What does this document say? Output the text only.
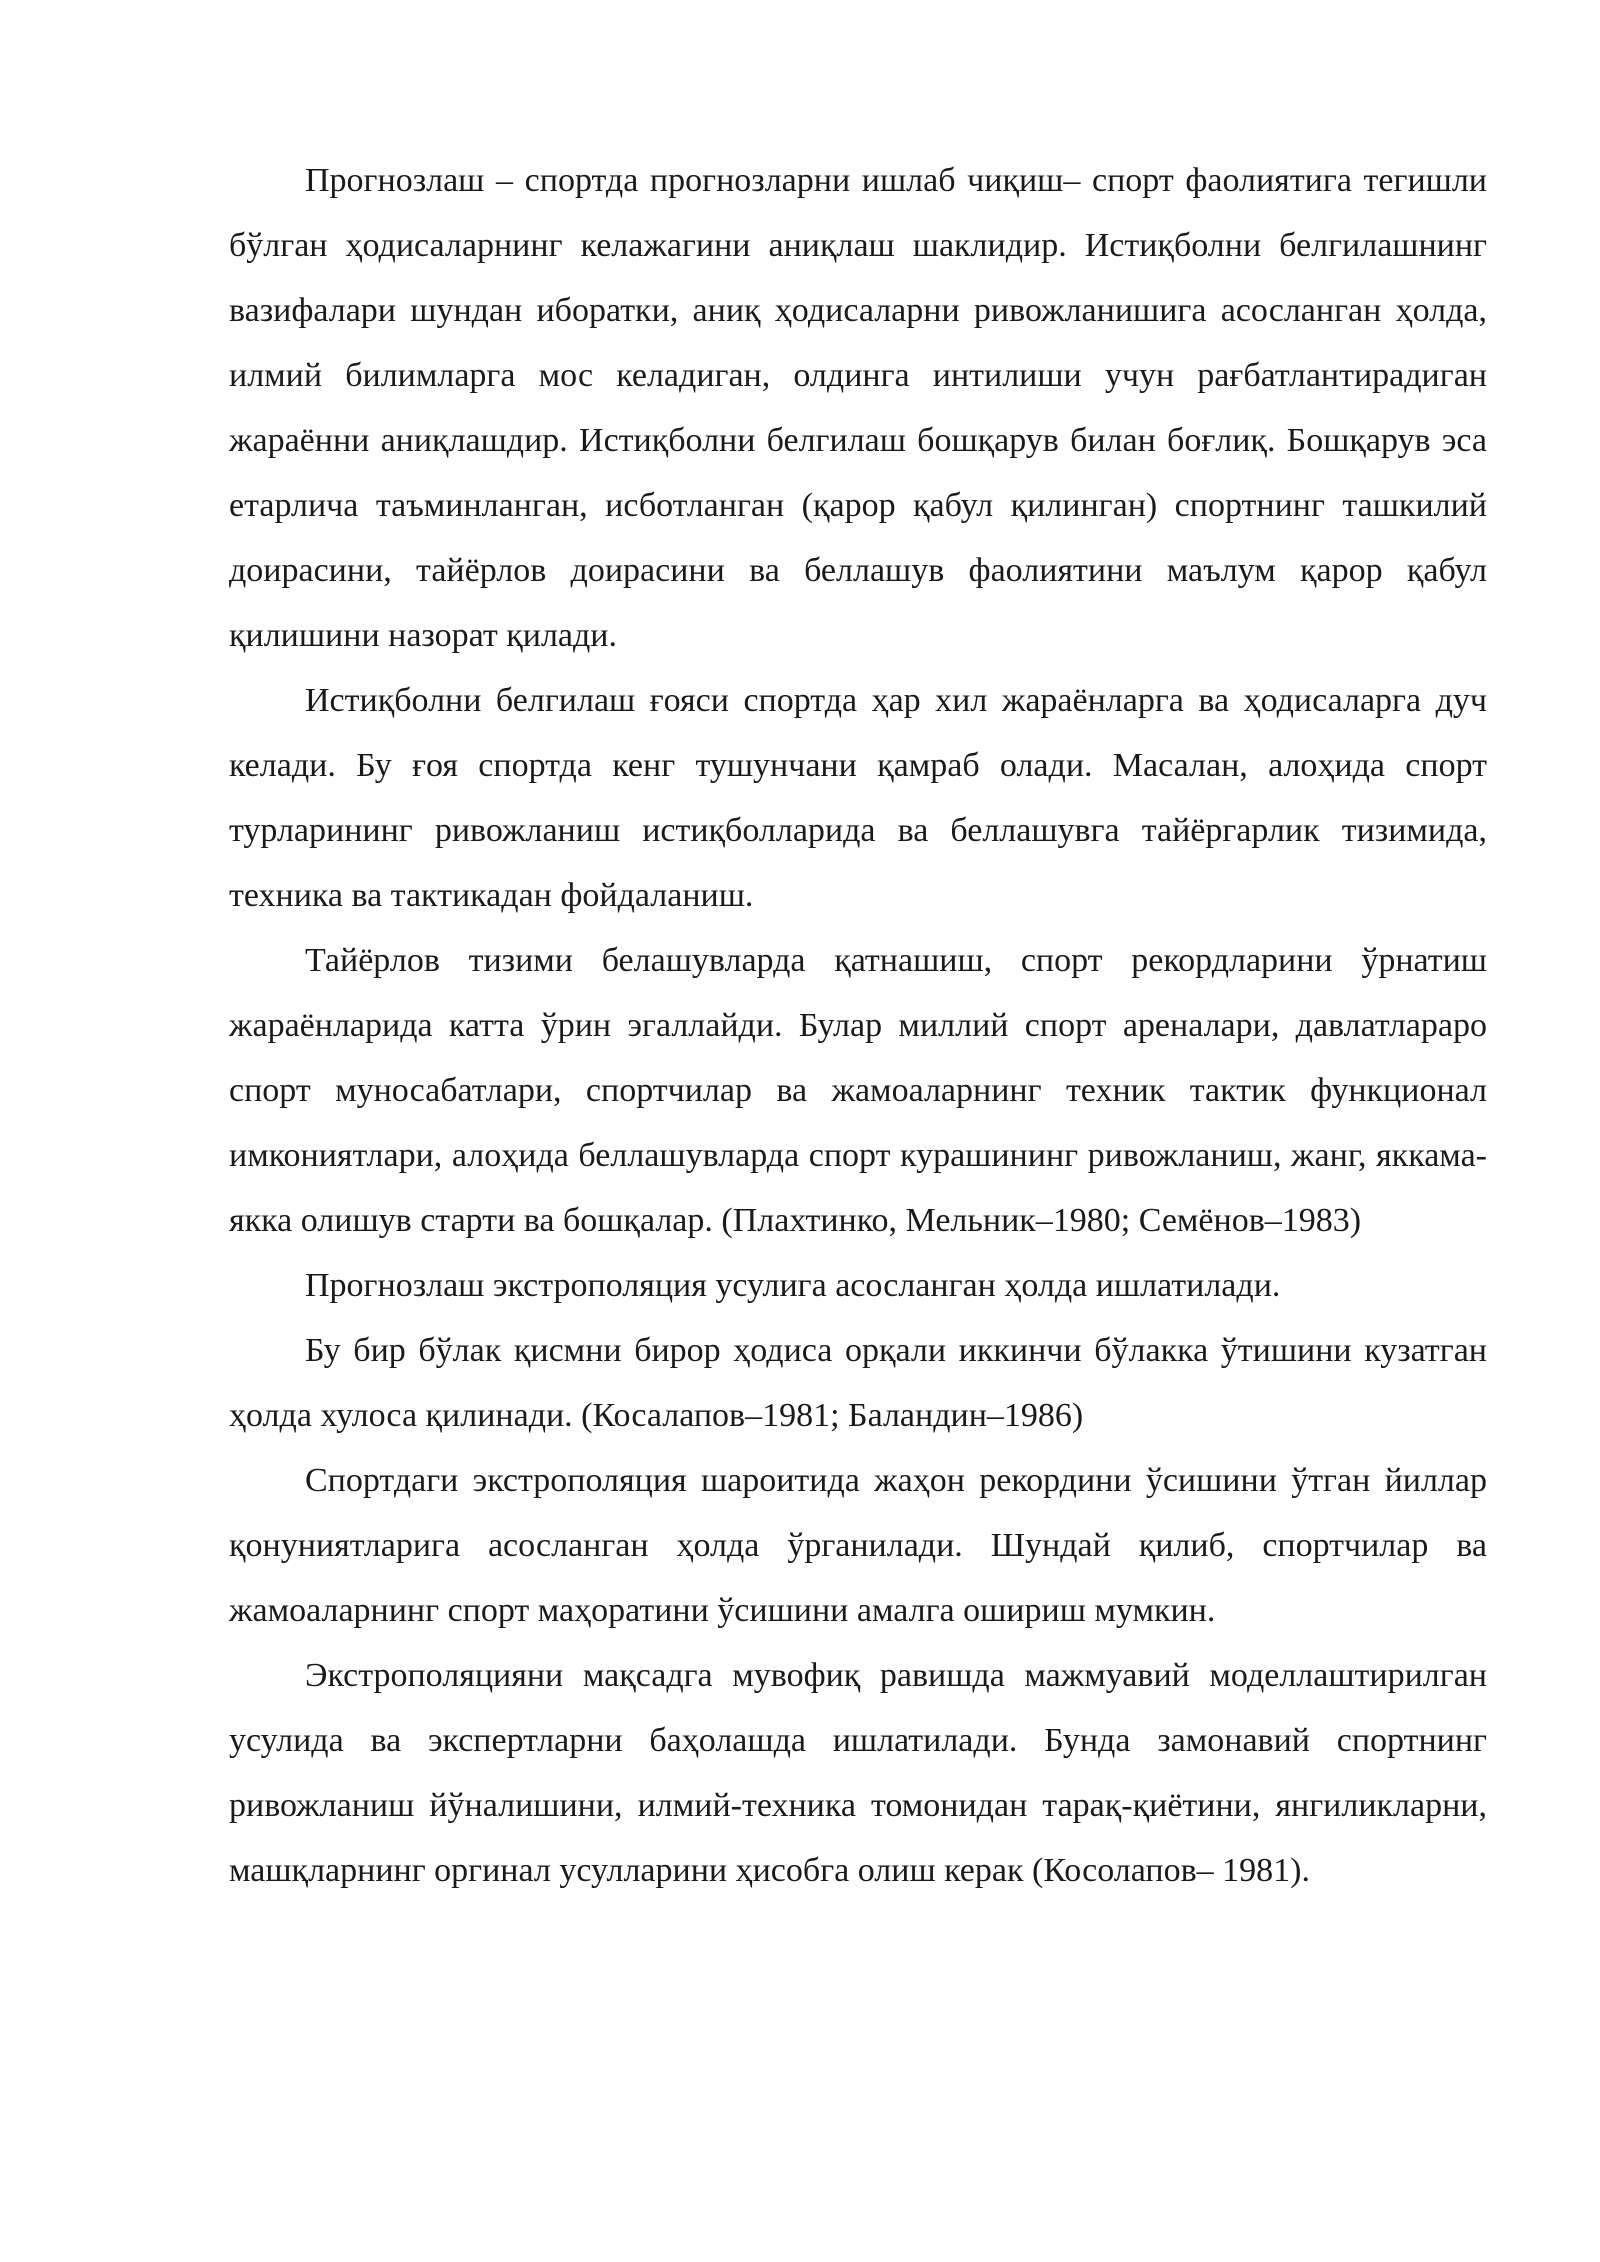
Прогнозлаш – спортда прогнозларни ишлаб чиқиш– спорт фаолиятига тегишли бўлган ҳодисаларнинг келажагини аниқлаш шаклидир. Истиқболни белгилашнинг вазифалари шундан иборатки, аниқ ҳодисаларни ривожланишига асосланган ҳолда, илмий билимларга мос келадиган, олдинга интилиши учун рағбатлантирадиган жараённи аниқлашдир. Истиқболни белгилаш бошқарув билан боғлиқ. Бошқарув эса етарлича таъминланган, исботланган (қарор қабул қилинган) спортнинг ташкилий доирасини, тайёрлов доирасини ва беллашув фаолиятини маълум қарор қабул қилишини назорат қилади.

Истиқболни белгилаш ғояси спортда ҳар хил жараёнларга ва ҳодисаларга дуч келади. Бу ғоя спортда кенг тушунчани қамраб олади. Масалан, алоҳида спорт турларининг ривожланиш истиқболларида ва беллашувга тайёргарлик тизимида, техника ва тактикадан фойдаланиш.

Тайёрлов тизими белашувларда қатнашиш, спорт рекордларини ўрнатиш жараёнларида катта ўрин эгаллайди. Булар миллий спорт ареналари, давлатлараро спорт муносабатлари, спортчилар ва жамоаларнинг техник тактик функционал имкониятлари, алоҳида беллашувларда спорт курашининг ривожланиш, жанг, яккама-якка олишув старти ва бошқалар. (Плахтинко, Мельник–1980; Семёнов–1983)

Прогнозлаш экстрополяция усулига асосланган ҳолда ишлатилади.

Бу бир бўлак қисмни бирор ҳодиса орқали иккинчи бўлакка ўтишини кузатган ҳолда хулоса қилинади. (Косалапов–1981; Баландин–1986)

Спортдаги экстрополяция шароитида жаҳон рекордини ўсишини ўтган йиллар қонуниятларига асосланган ҳолда ўрганилади. Шундай қилиб, спортчилар ва жамоаларнинг спорт маҳоратини ўсишини амалга ошириш мумкин.

Экстрополяцияни мақсадга мувофиқ равишда мажмуавий моделлаштирилган усулида ва экспертларни баҳолашда ишлатилади. Бунда замонавий спортнинг ривожланиш йўналишини, илмий-техника томонидан тарақ-қиётини, янгиликларни, машқларнинг оргинал усулларини ҳисобга олиш керак (Косолапов– 1981).
